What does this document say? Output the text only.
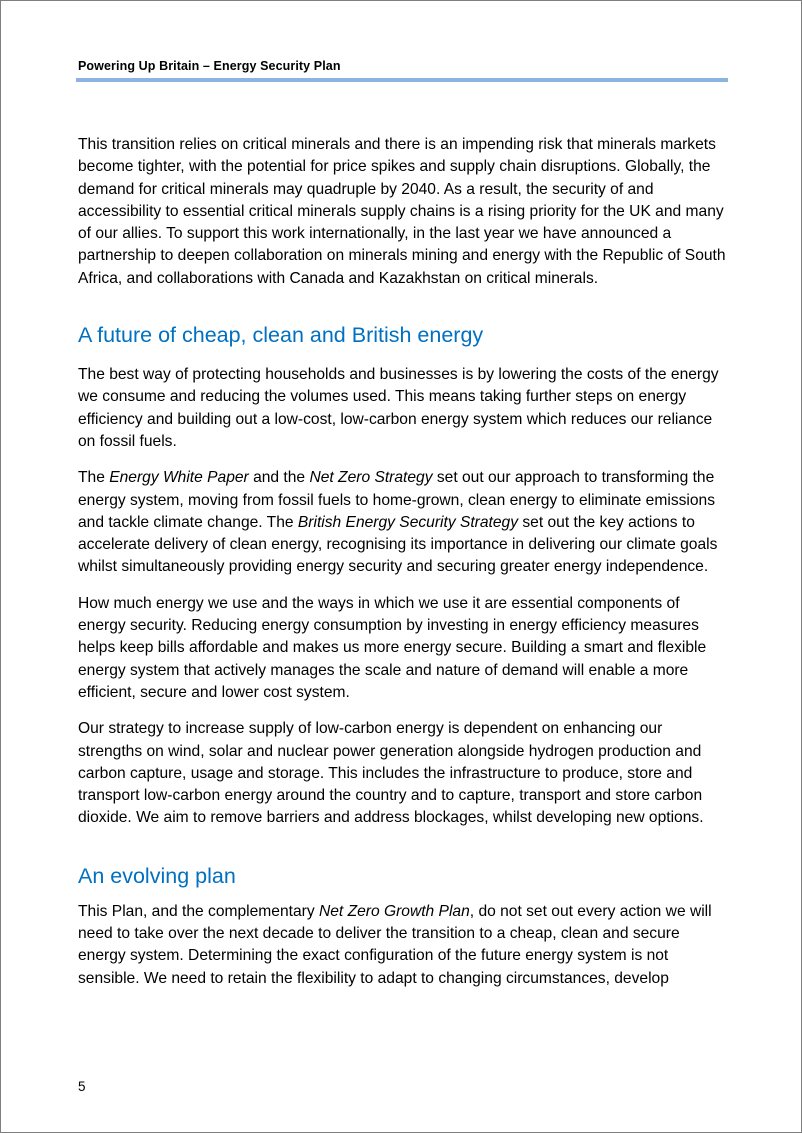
Powering Up Britain – Energy Security Plan

This transition relies on critical minerals and there is an impending risk that minerals markets become tighter, with the potential for price spikes and supply chain disruptions. Globally, the demand for critical minerals may quadruple by 2040. As a result, the security of and accessibility to essential critical minerals supply chains is a rising priority for the UK and many of our allies. To support this work internationally, in the last year we have announced a partnership to deepen collaboration on minerals mining and energy with the Republic of South Africa, and collaborations with Canada and Kazakhstan on critical minerals.

A future of cheap, clean and British energy

The best way of protecting households and businesses is by lowering the costs of the energy we consume and reducing the volumes used. This means taking further steps on energy efficiency and building out a low-cost, low-carbon energy system which reduces our reliance on fossil fuels.

The Energy White Paper and the Net Zero Strategy set out our approach to transforming the energy system, moving from fossil fuels to home-grown, clean energy to eliminate emissions and tackle climate change. The British Energy Security Strategy set out the key actions to accelerate delivery of clean energy, recognising its importance in delivering our climate goals whilst simultaneously providing energy security and securing greater energy independence.

How much energy we use and the ways in which we use it are essential components of energy security. Reducing energy consumption by investing in energy efficiency measures helps keep bills affordable and makes us more energy secure. Building a smart and flexible energy system that actively manages the scale and nature of demand will enable a more efficient, secure and lower cost system.

Our strategy to increase supply of low-carbon energy is dependent on enhancing our strengths on wind, solar and nuclear power generation alongside hydrogen production and carbon capture, usage and storage. This includes the infrastructure to produce, store and transport low-carbon energy around the country and to capture, transport and store carbon dioxide. We aim to remove barriers and address blockages, whilst developing new options.

An evolving plan

This Plan, and the complementary Net Zero Growth Plan, do not set out every action we will need to take over the next decade to deliver the transition to a cheap, clean and secure energy system. Determining the exact configuration of the future energy system is not sensible. We need to retain the flexibility to adapt to changing circumstances, develop

5
